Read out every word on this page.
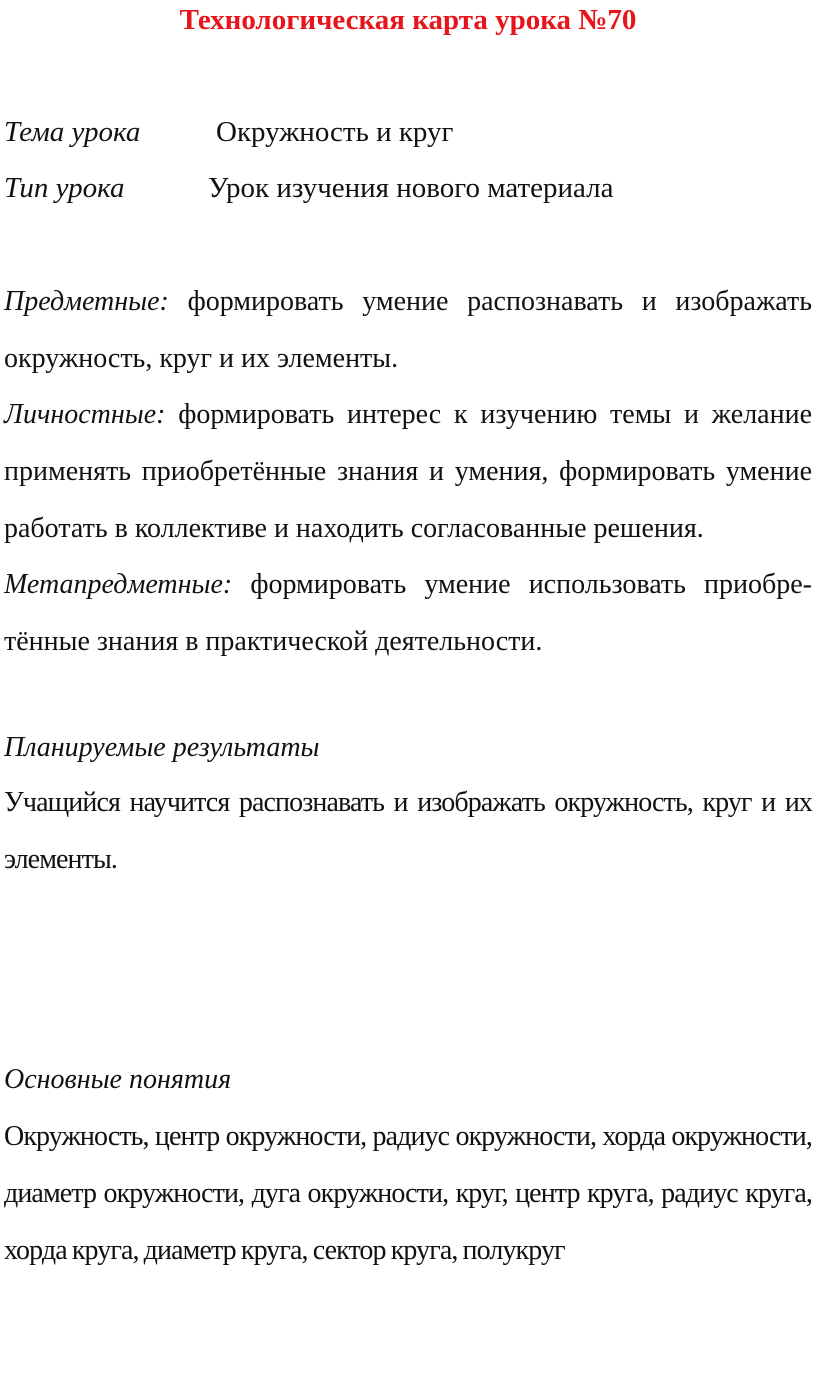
Технологическая карта урока №70
Тема урока	Окружность и круг
Тип урока	Урок изучения нового материала
Предметные: формировать умение распознавать и изображать окружность, круг и их элементы.
Личностные: формировать интерес к изучению темы и желание применять приобретённые знания и умения, формировать умение работать в коллективе и находить согласованные решения.
Метапредметные: формировать умение использовать приобре-тённые знания в практической деятельности.
Планируемые результаты
Учащийся научится распознавать и изображать окружность, круг и их элементы.
Основные понятия
Окружность, центр окружности, радиус окружности, хорда окружности, диаметр окружности, дуга окружности, круг, центр круга, радиус круга, хорда круга, диаметр круга, сектор круга, полукруг
